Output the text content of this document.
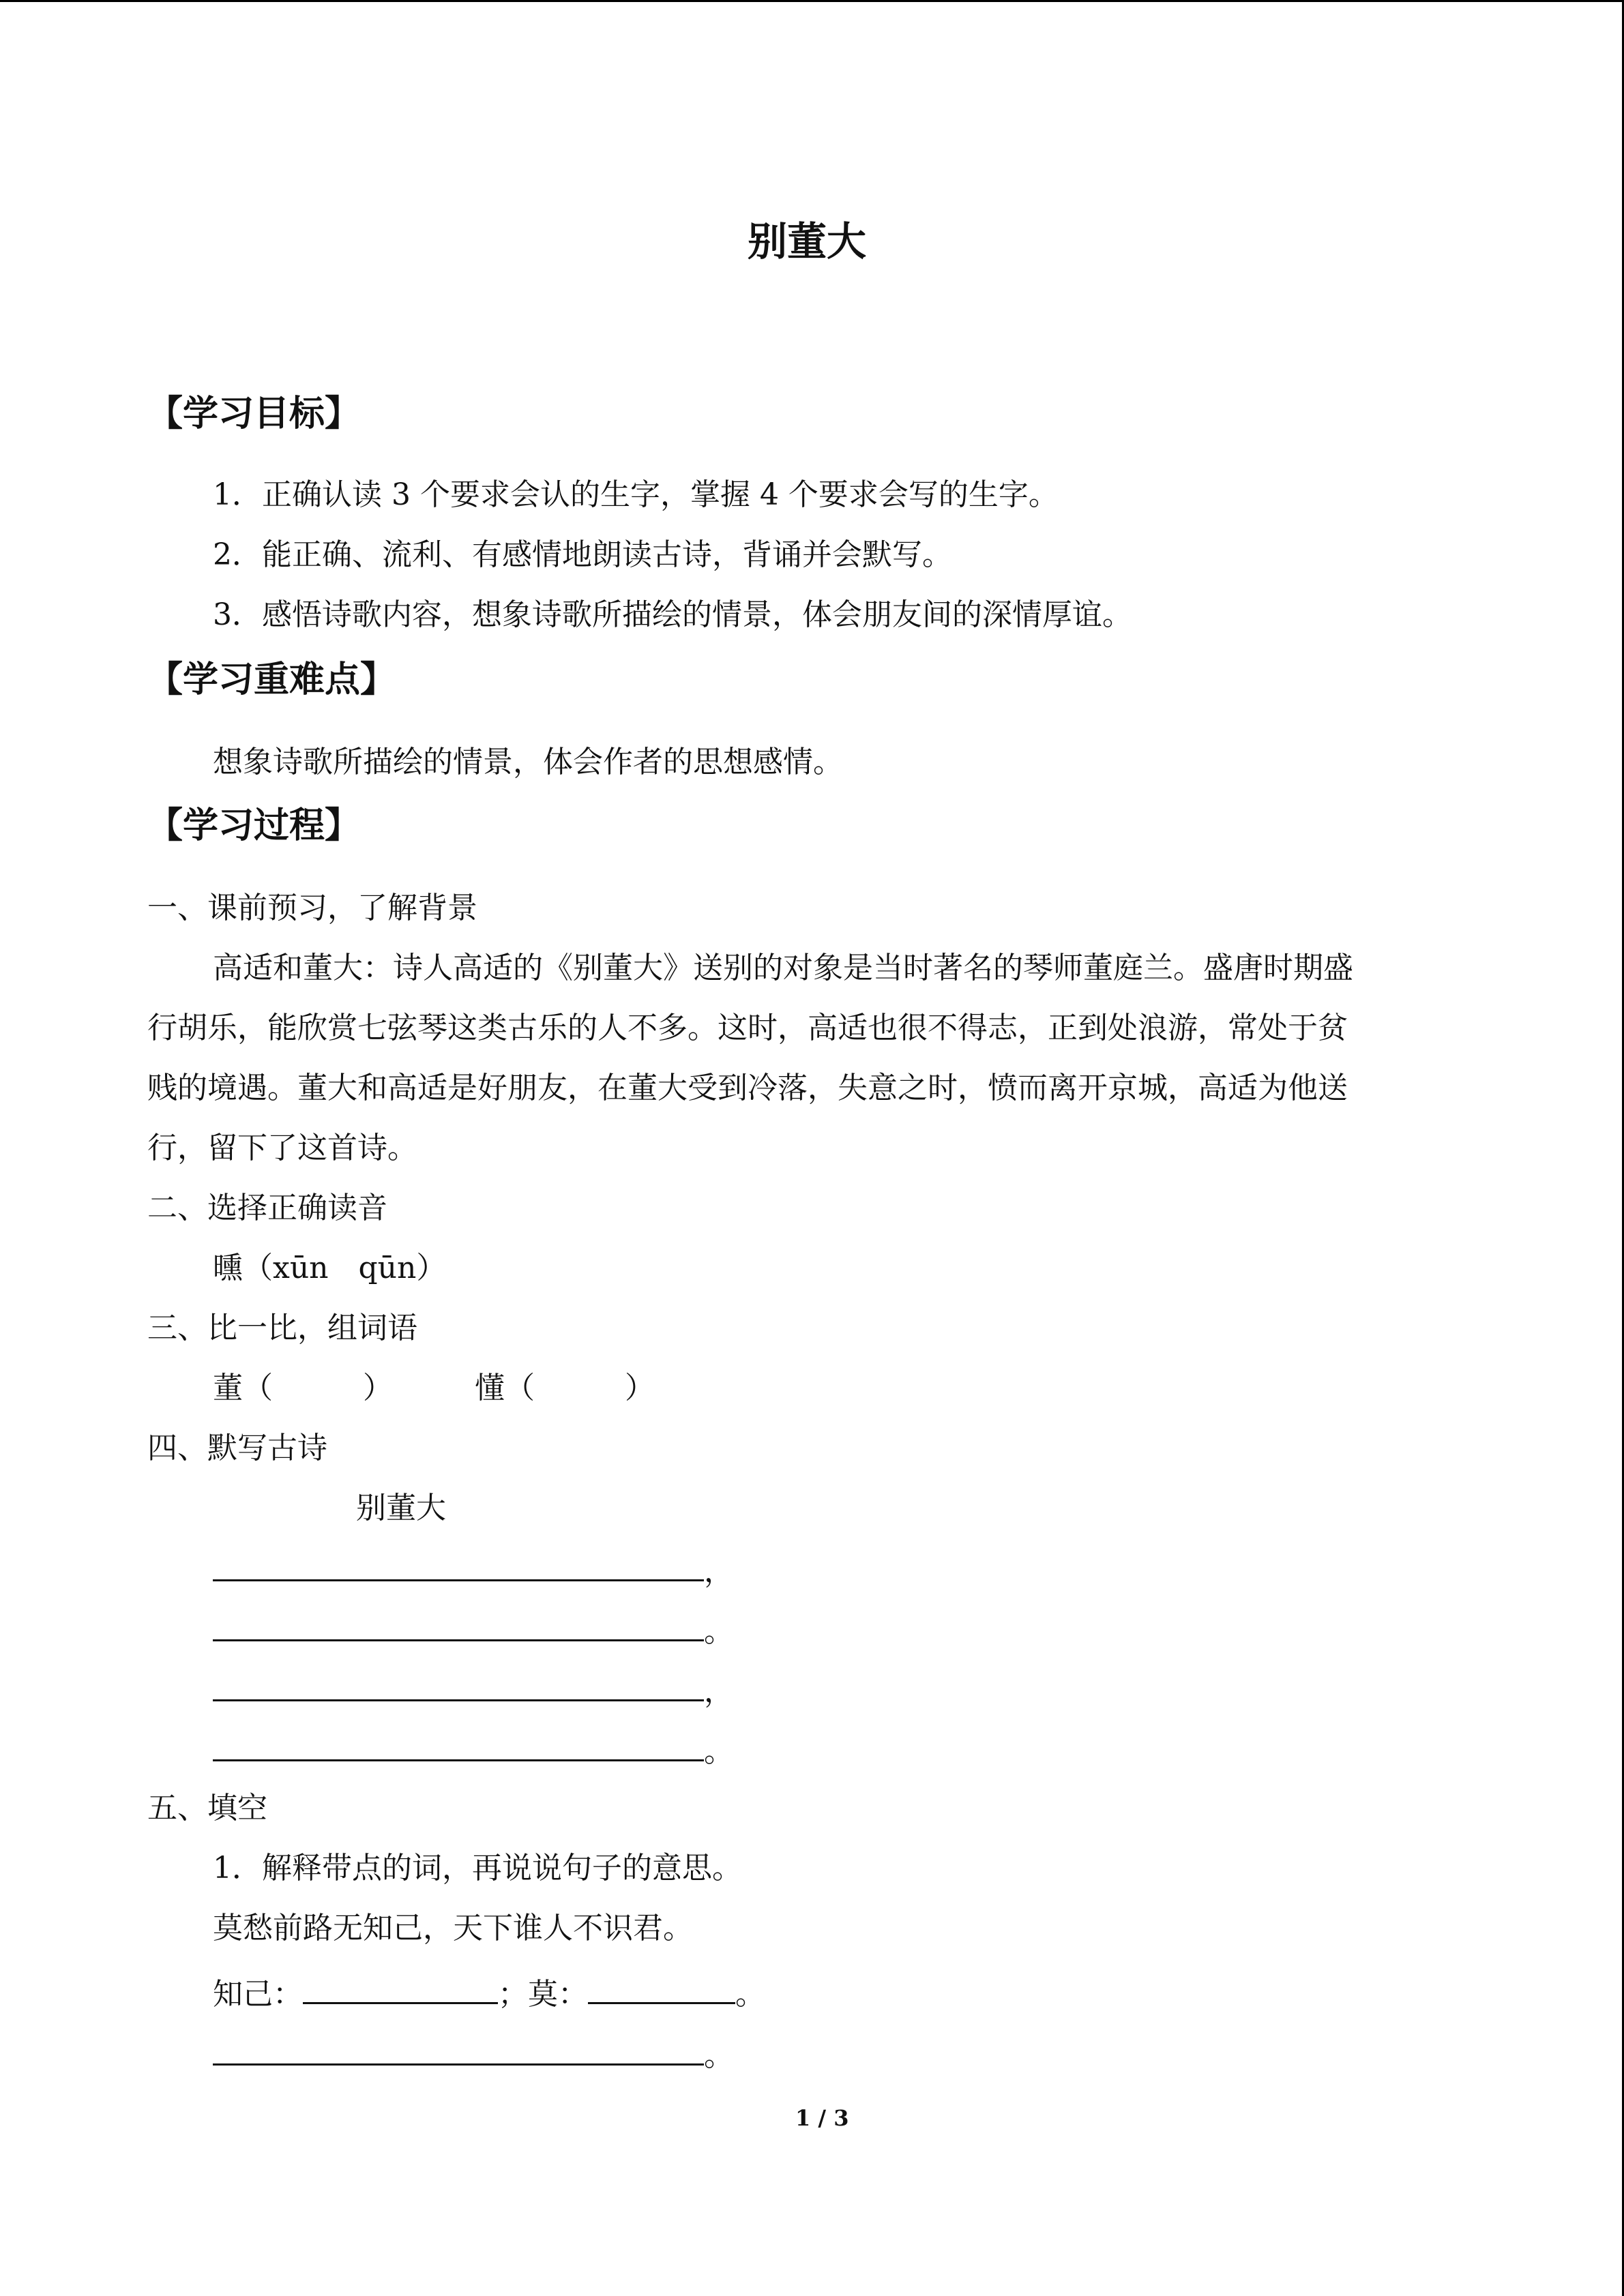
别董大
【学习目标】
1．正确认读 3 个要求会认的生字，掌握 4 个要求会写的生字。
2．能正确、流利、有感情地朗读古诗，背诵并会默写。
3．感悟诗歌内容，想象诗歌所描绘的情景，体会朋友间的深情厚谊。
【学习重难点】
想象诗歌所描绘的情景，体会作者的思想感情。
【学习过程】
一、课前预习，了解背景
高适和董大：诗人高适的《别董大》送别的对象是当时著名的琴师董庭兰。盛唐时期盛
行胡乐，能欣赏七弦琴这类古乐的人不多。这时，高适也很不得志，正到处浪游，常处于贫
贱的境遇。董大和高适是好朋友，在董大受到冷落，失意之时，愤而离开京城，高适为他送
行，留下了这首诗。
二、选择正确读音
曛（xūn　qūn）
三、比一比，组词语
董（　　　）	懂（　　　）
四、默写古诗
别董大
，
。
，
。
五、填空
1．解释带点的词，再说说句子的意思。
莫愁前路无知己，天下谁人不识君。
知己：	；莫：	。
。
1 / 3
